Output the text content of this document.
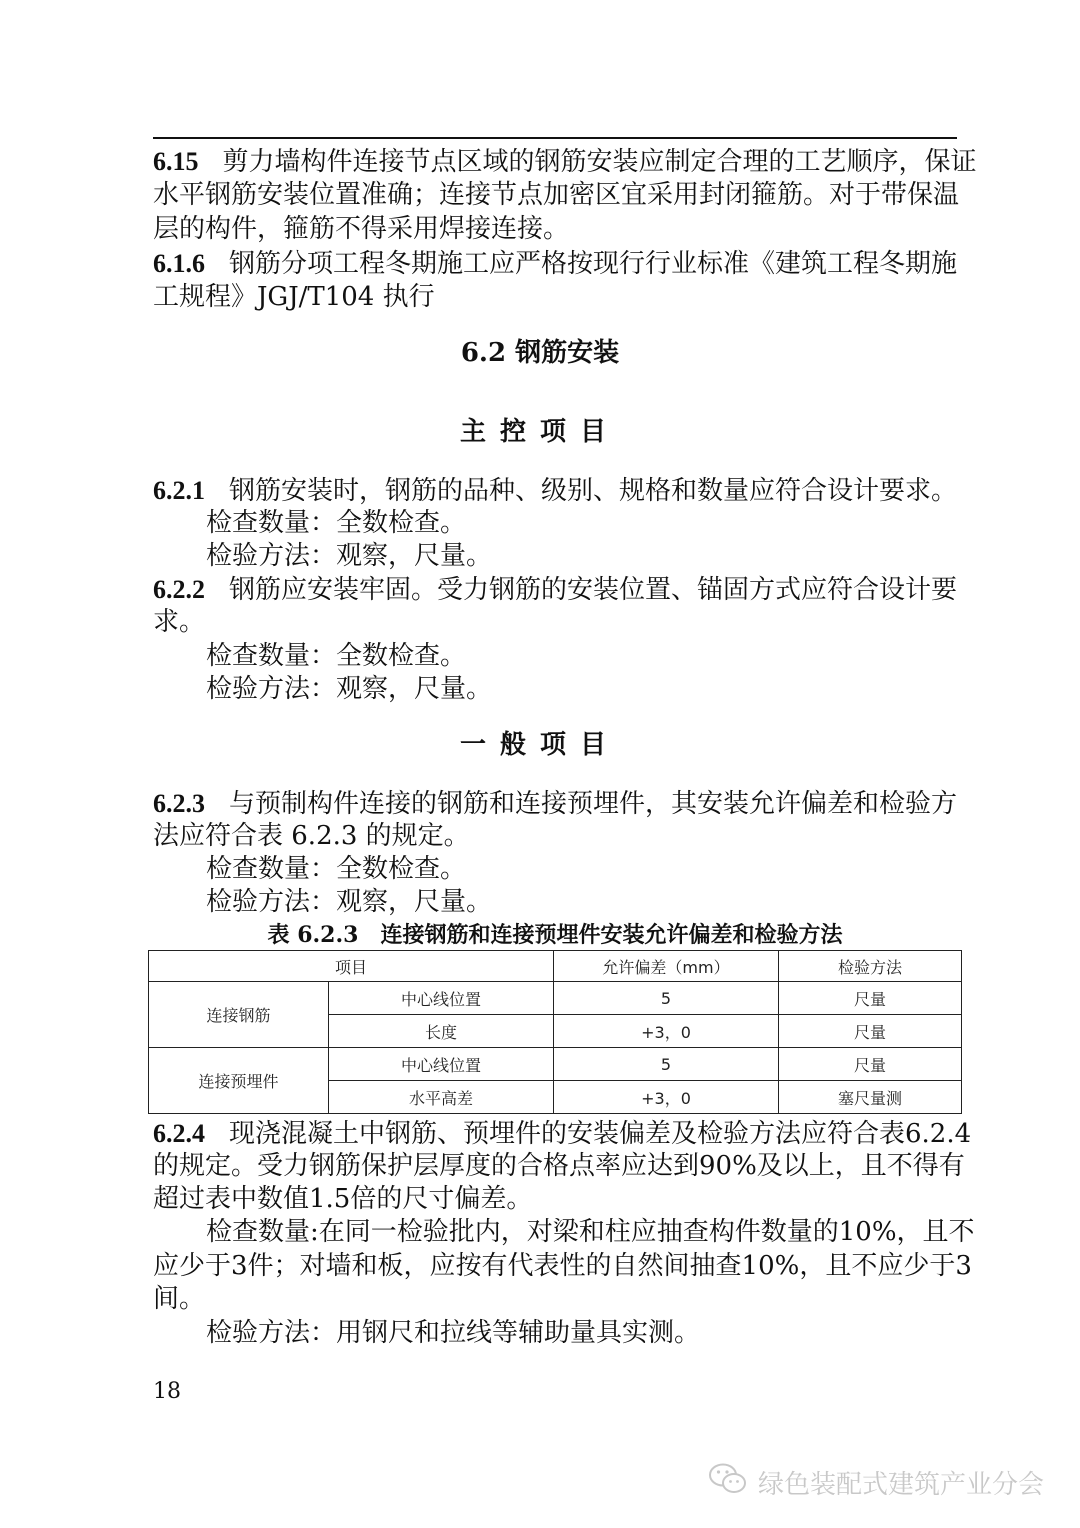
6.15 剪力墙构件连接节点区域的钢筋安装应制定合理的工艺顺序，保证
水平钢筋安装位置准确；连接节点加密区宜采用封闭箍筋。对于带保温
层的构件，箍筋不得采用焊接连接。
6.1.6 钢筋分项工程冬期施工应严格按现行行业标准《建筑工程冬期施
工规程》JGJ/T104 执行
6.2 钢筋安装
主控项目
6.2.1 钢筋安装时，钢筋的品种、级别、规格和数量应符合设计要求。
检查数量：全数检查。
检验方法：观察，尺量。
6.2.2 钢筋应安装牢固。受力钢筋的安装位置、锚固方式应符合设计要
求。
检查数量：全数检查。
检验方法：观察，尺量。
一般项目
6.2.3 与预制构件连接的钢筋和连接预埋件，其安装允许偏差和检验方
法应符合表 6.2.3 的规定。
检查数量：全数检查。
检验方法：观察，尺量。
表 6.2.3 连接钢筋和连接预埋件安装允许偏差和检验方法
项目		允许偏差（mm）	检验方法
连接钢筋	中心线位置	5	尺量
	长度	+3，0	尺量
连接预埋件	中心线位置	5	尺量
	水平高差	+3，0	塞尺量测
6.2.4 现浇混凝土中钢筋、预埋件的安装偏差及检验方法应符合表6.2.4
的规定。受力钢筋保护层厚度的合格点率应达到90%及以上，且不得有
超过表中数值1.5倍的尺寸偏差。
检查数量:在同一检验批内，对梁和柱应抽查构件数量的10%，且不
应少于3件；对墙和板，应按有代表性的自然间抽查10%，且不应少于3
间。
检验方法：用钢尺和拉线等辅助量具实测。
18
绿色装配式建筑产业分会
